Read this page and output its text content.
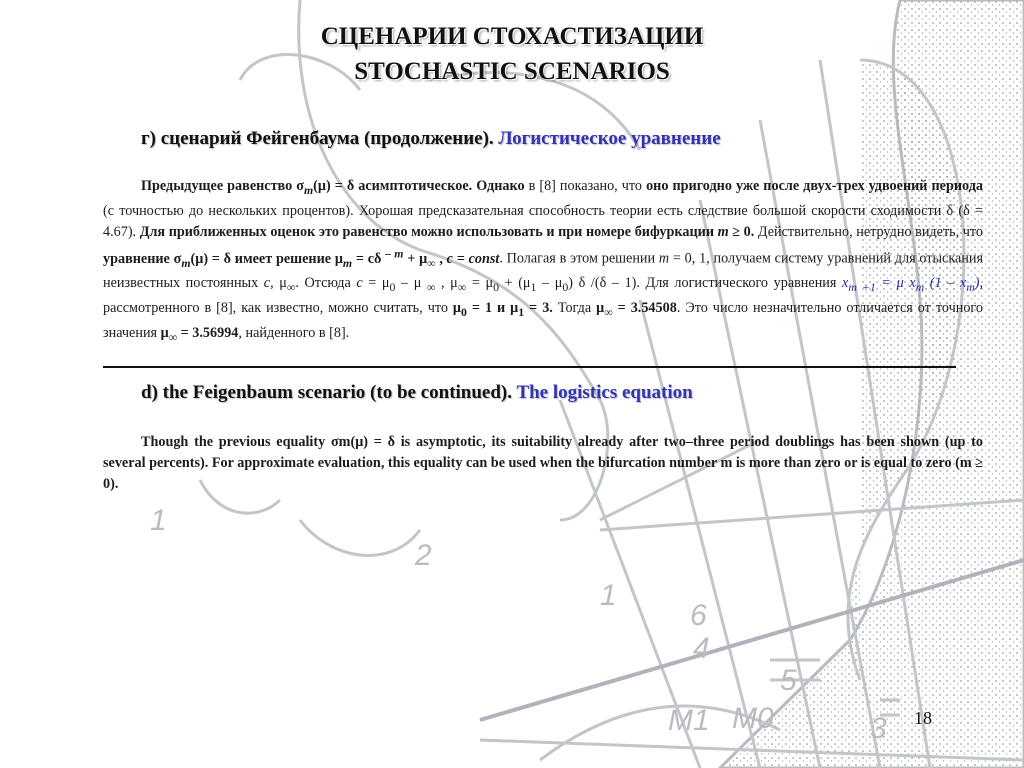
1
2
1
6
4
5
M1 M0	3
СЦЕНАРИИ СТОХАСТИЗАЦИИ
STOCHASTIC SCENARIOS
г) сценарий Фейгенбаума (продолжение). Логистическое уравнение

Предыдущее равенство $\sigma_m(\mu) = \delta$ асимптотическое. Однако в [8] показано, что оно пригодно уже после двух-трех удвоений периода (с точностью до нескольких процентов). Хорошая предсказательная способность теории есть следствие большой скорости сходимости δ (δ = 4.67). Для приближенных оценок это равенство можно использовать и при номере бифуркации m ≥ 0. Действительно, нетрудно видеть, что уравнение $\sigma_m(\mu) = \delta$ имеет решение $\mu_m = c\delta$ $^{- m} + \mu_\infty$ , c = const. Полагая в этом решении m = 0, 1, получаем систему уравнений для отыскания неизвестных постоянных c, $\mu_\infty$. Отсюда $c = \mu_0 - \mu$ $_\infty$ , $\mu_\infty = \mu_0 + (\mu_1 - \mu_0)$ δ /(δ – 1). Для логистического уравнения $x_{m +1} = \mu$ $x_m$ $(1 - x_m)$, рассмотренного в [8], как известно, можно считать, что $\mu_0 = 1$ и $\mu_1 = 3$. Тогда $\mu_\infty = 3.54508$. Это число незначительно отличается от точного значения $\mu_\infty = 3.56994$, найденного в [8].

d) the Feigenbaum scenario (to be continued). The logistics equation

Though the previous equality σm(μ) = δ is asymptotic, its suitability already after two–three period doublings has been shown (up to several percents). For approximate evaluation, this equality can be used when the bifurcation number m is more than zero or is equal to zero (m ≥ 0).

18
